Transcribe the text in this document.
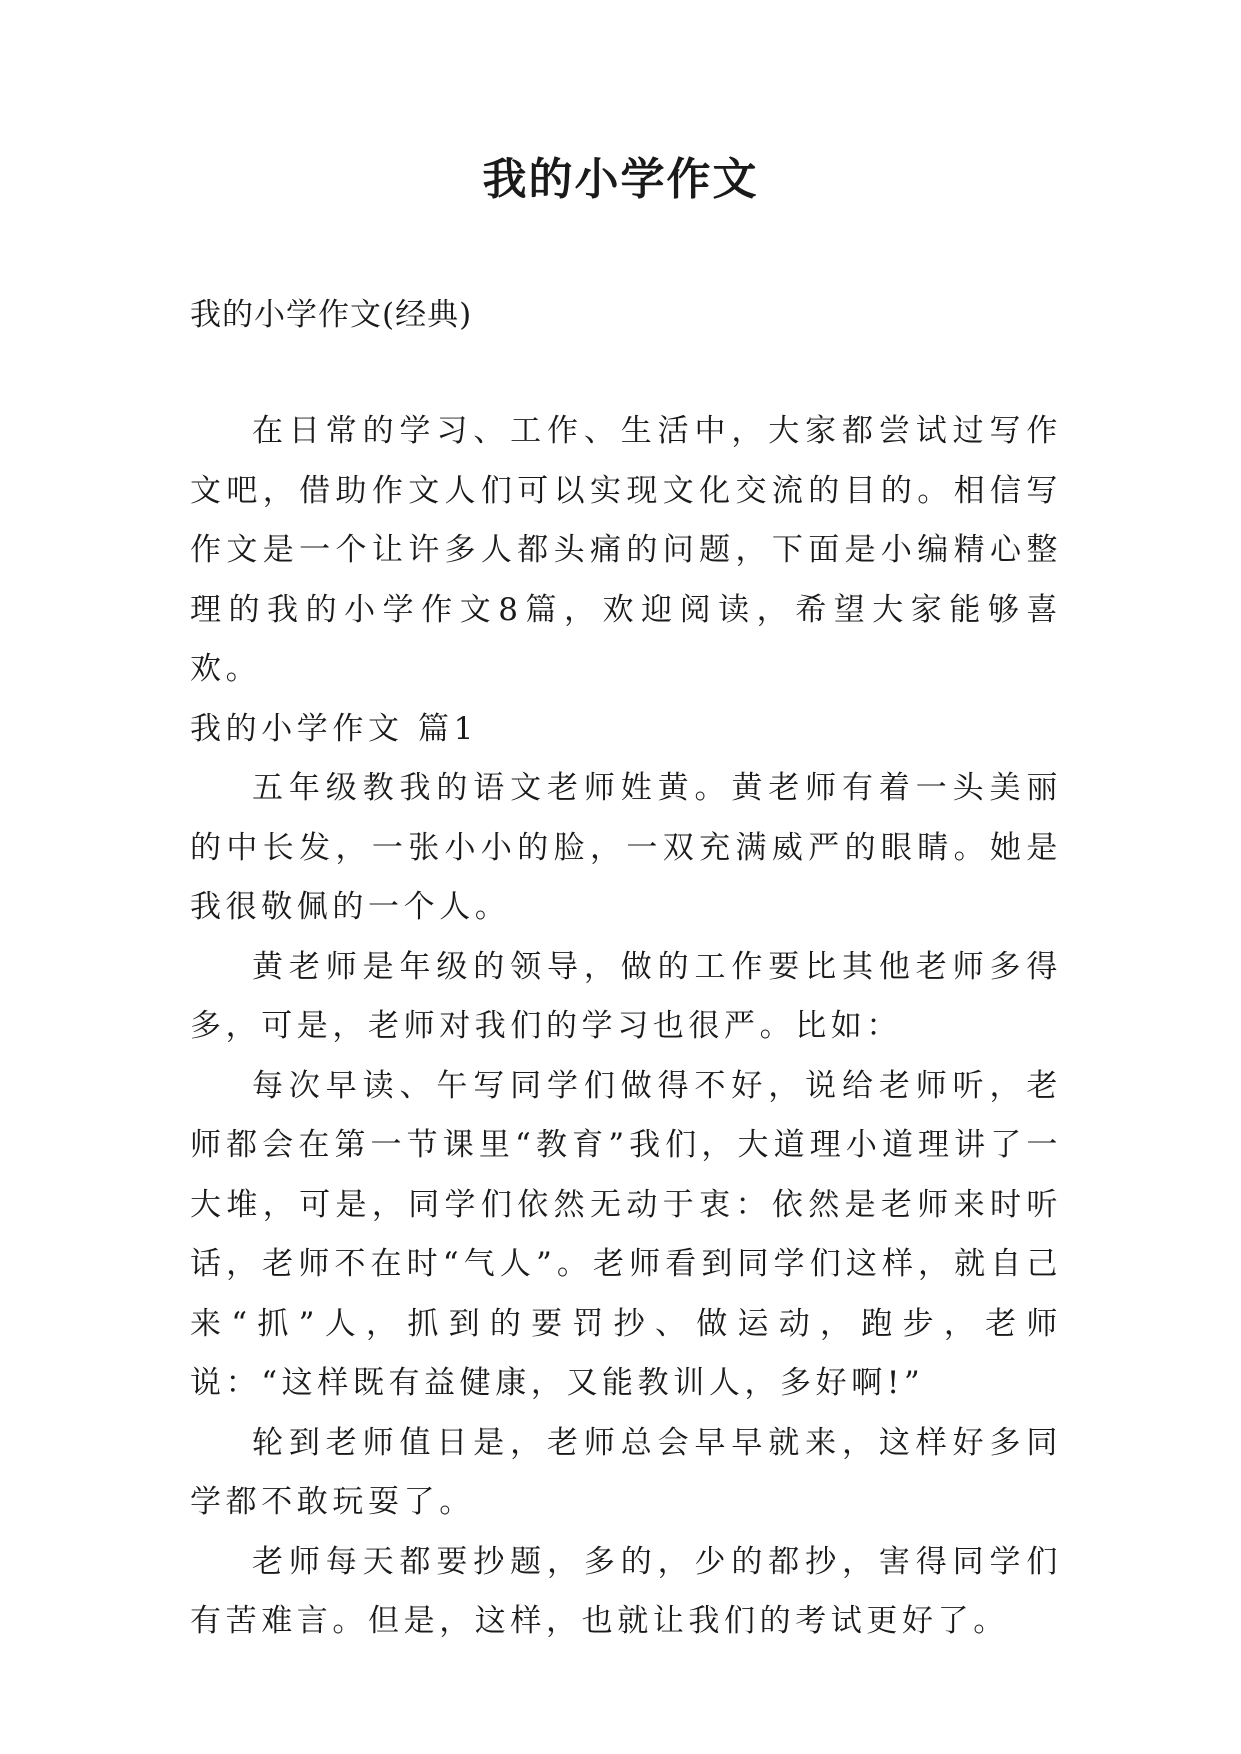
我的小学作文
我的小学作文(经典)

在日常的学习、工作、生活中，大家都尝试过写作文吧，借助作文人们可以实现文化交流的目的。相信写作文是一个让许多人都头痛的问题，下面是小编精心整理的我的小学作文8篇，欢迎阅读，希望大家能够喜欢。

我的小学作文 篇1

五年级教我的语文老师姓黄。黄老师有着一头美丽的中长发，一张小小的脸，一双充满威严的眼睛。她是我很敬佩的一个人。

黄老师是年级的领导，做的工作要比其他老师多得多，可是，老师对我们的学习也很严。比如：

每次早读、午写同学们做得不好，说给老师听，老师都会在第一节课里“教育”我们，大道理小道理讲了一大堆，可是，同学们依然无动于衷：依然是老师来时听话，老师不在时“气人”。老师看到同学们这样，就自己来“抓”人，抓到的要罚抄、做运动，跑步，老师说：“这样既有益健康，又能教训人，多好啊!”

轮到老师值日是，老师总会早早就来，这样好多同学都不敢玩耍了。

老师每天都要抄题，多的，少的都抄，害得同学们有苦难言。但是，这样，也就让我们的考试更好了。
